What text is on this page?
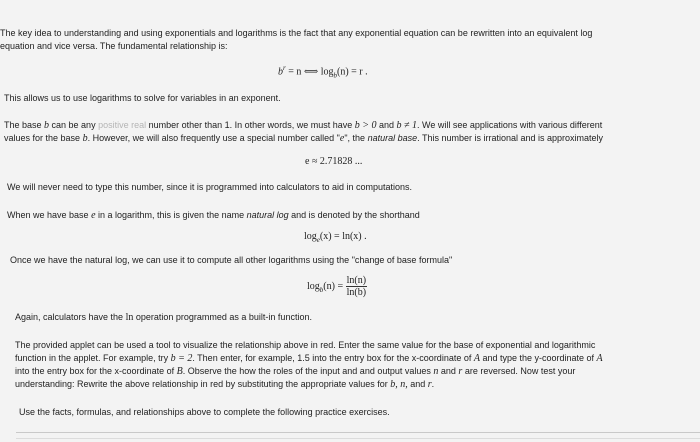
The key idea to understanding and using exponentials and logarithms is the fact that any exponential equation can be rewritten into an equivalent log

equation and vice versa. The fundamental relationship is:

$b^r = n$ ⟺ $\log_b(n) = r$ .

This allows us to use logarithms to solve for variables in an exponent.

The base b can be any positive real number other than 1. In other words, we must have b > 0 and b ≠ 1. We will see applications with various different

values for the base b. However, we will also frequently use a special number called "e", the natural base. This number is irrational and is approximately

e ≈ 2.71828 ...

We will never need to type this number, since it is programmed into calculators to aid in computations.

When we have base e in a logarithm, this is given the name natural log and is denoted by the shorthand

$\log_e(x) = \ln(x)$ .

Once we have the natural log, we can use it to compute all other logarithms using the "change of base formula"

$\log_b(n) = \frac{\ln(n)}{\ln(b)}$

Again, calculators have the ln operation programmed as a built-in function.

The provided applet can be used a tool to visualize the relationship above in red. Enter the same value for the base of exponential and logarithmic

function in the applet. For example, try b = 2. Then enter, for example, 1.5 into the entry box for the x-coordinate of A and type the y-coordinate of A

into the entry box for the x-coordinate of B. Observe the how the roles of the input and and output values n and r are reversed. Now test your

understanding: Rewrite the above relationship in red by substituting the appropriate values for b, n, and r.

Use the facts, formulas, and relationships above to complete the following practice exercises.
